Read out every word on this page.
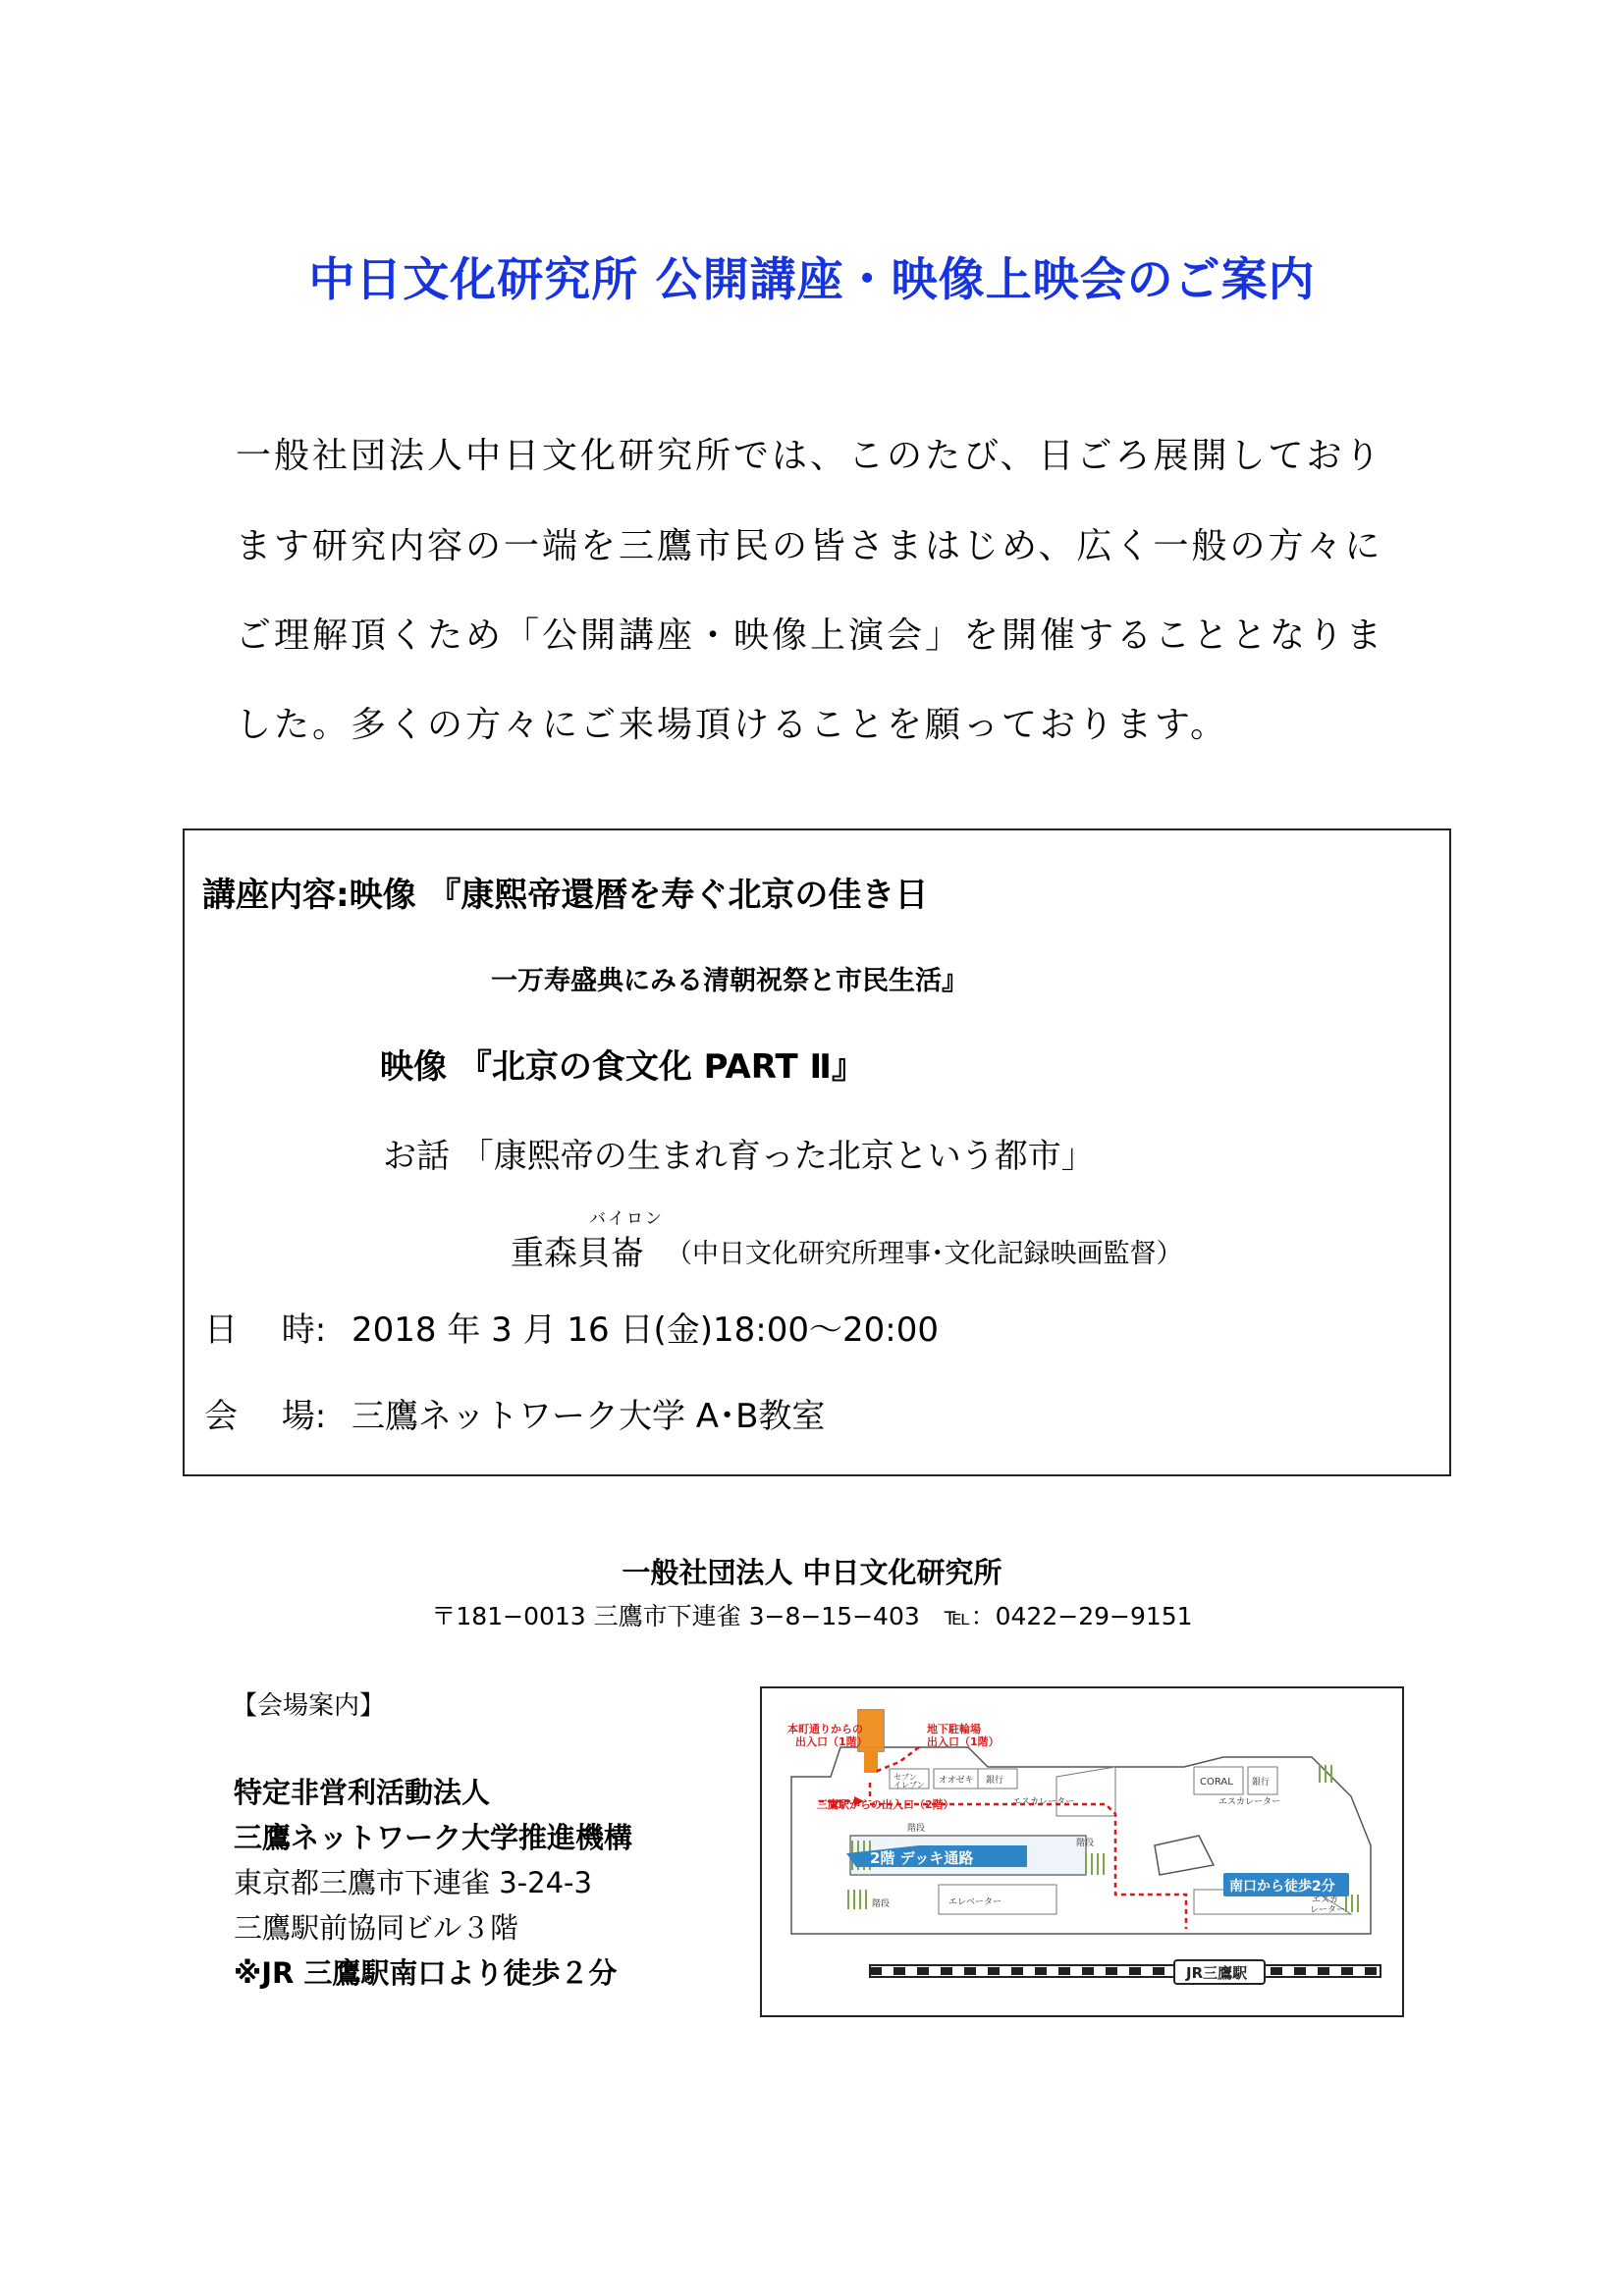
中日文化研究所 公開講座・映像上映会のご案内
一般社団法人中日文化研究所では、このたび、日ごろ展開しており
ます研究内容の一端を三鷹市民の皆さまはじめ、広く一般の方々に
ご理解頂くため「公開講座・映像上演会」を開催することとなりま
した。多くの方々にご来場頂けることを願っております。
講座内容:映像 『康熙帝還暦を寿ぐ北京の佳き日
一万寿盛典にみる清朝祝祭と市民生活』
映像 『北京の食文化 PART Ⅱ』
お話 「康熙帝の生まれ育った北京という都市」
バイロン
重森貝崙 （中日文化研究所理事･文化記録映画監督）
日　 時: 2018 年 3 月 16 日(金)18:00〜20:00
会　 場: 三鷹ネットワーク大学 A･B教室
一般社団法人 中日文化研究所
〒181−0013 三鷹市下連雀 3−8−15−403　℡：0422−29−9151
【会場案内】
特定非営利活動法人
三鷹ネットワーク大学推進機構
東京都三鷹市下連雀 3-24-3
三鷹駅前協同ビル３階
※JR 三鷹駅南口より徒歩２分
2階 デッキ通路
南口から徒歩2分
JR三鷹駅
本町通りからの
出入口（1階）
地下駐輪場
出入口（1階）
三鷹駅からの出入口（2階）
セブン
イレブン オオゼキ 銀行	CORAL 銀行
エスカレーター	エスカレーター
階段
階段
階段	エレベーター	エスカ
レーター
